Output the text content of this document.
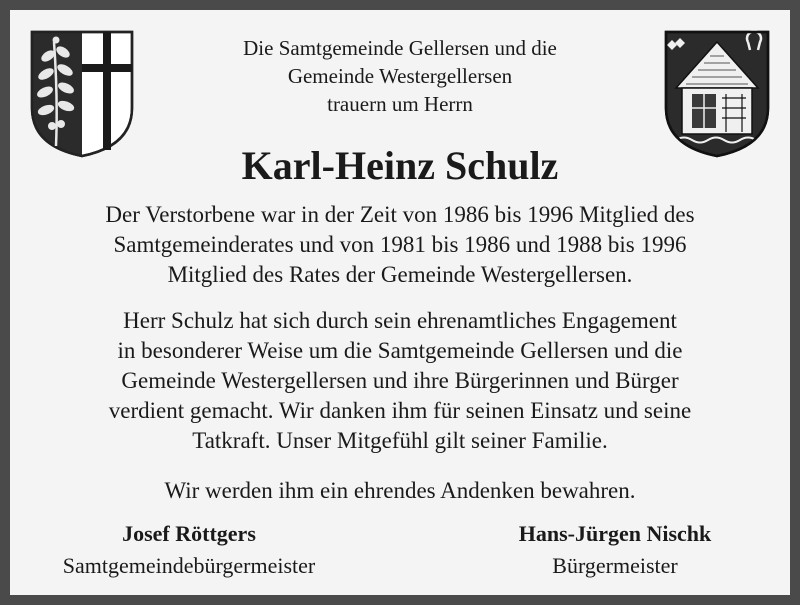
Die Samtgemeinde Gellersen und die
Gemeinde Westergellersen
trauern um Herrn
Karl-Heinz Schulz
Der Verstorbene war in der Zeit von 1986 bis 1996 Mitglied des
Samtgemeinderates und von 1981 bis 1986 und 1988 bis 1996
Mitglied des Rates der Gemeinde Westergellersen.
Herr Schulz hat sich durch sein ehrenamtliches Engagement
in besonderer Weise um die Samtgemeinde Gellersen und die
Gemeinde Westergellersen und ihre Bürgerinnen und Bürger
verdient gemacht. Wir danken ihm für seinen Einsatz und seine
Tatkraft. Unser Mitgefühl gilt seiner Familie.
Wir werden ihm ein ehrendes Andenken bewahren.
Josef Röttgers
Samtgemeindebürgermeister
Hans-Jürgen Nischk
Bürgermeister
